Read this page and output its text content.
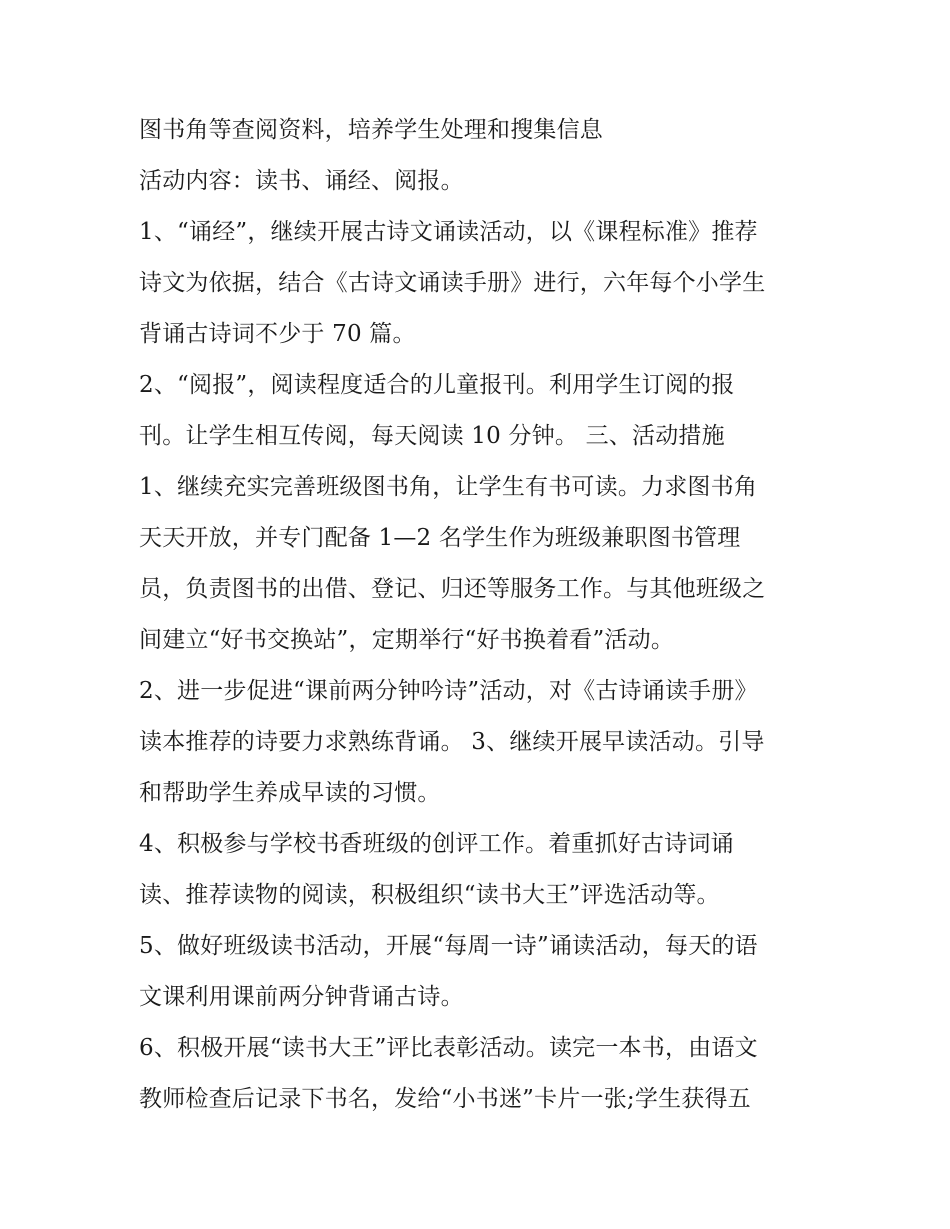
图书角等查阅资料，培养学生处理和搜集信息
活动内容：读书、诵经、阅报。
1、“诵经”，继续开展古诗文诵读活动，以《课程标准》推荐
诗文为依据，结合《古诗文诵读手册》进行，六年每个小学生
背诵古诗词不少于 70 篇。
2、“阅报”，阅读程度适合的儿童报刊。利用学生订阅的报
刊。让学生相互传阅，每天阅读 10 分钟。 三、活动措施
1、继续充实完善班级图书角，让学生有书可读。力求图书角
天天开放，并专门配备 1—2 名学生作为班级兼职图书管理
员，负责图书的出借、登记、归还等服务工作。与其他班级之
间建立“好书交换站”，定期举行“好书换着看”活动。
2、进一步促进“课前两分钟吟诗”活动，对《古诗诵读手册》
读本推荐的诗要力求熟练背诵。 3、继续开展早读活动。引导
和帮助学生养成早读的习惯。
4、积极参与学校书香班级的创评工作。着重抓好古诗词诵
读、推荐读物的阅读，积极组织“读书大王”评选活动等。
5、做好班级读书活动，开展“每周一诗”诵读活动，每天的语
文课利用课前两分钟背诵古诗。
6、积极开展“读书大王”评比表彰活动。读完一本书，由语文
教师检查后记录下书名，发给“小书迷”卡片一张;学生获得五
